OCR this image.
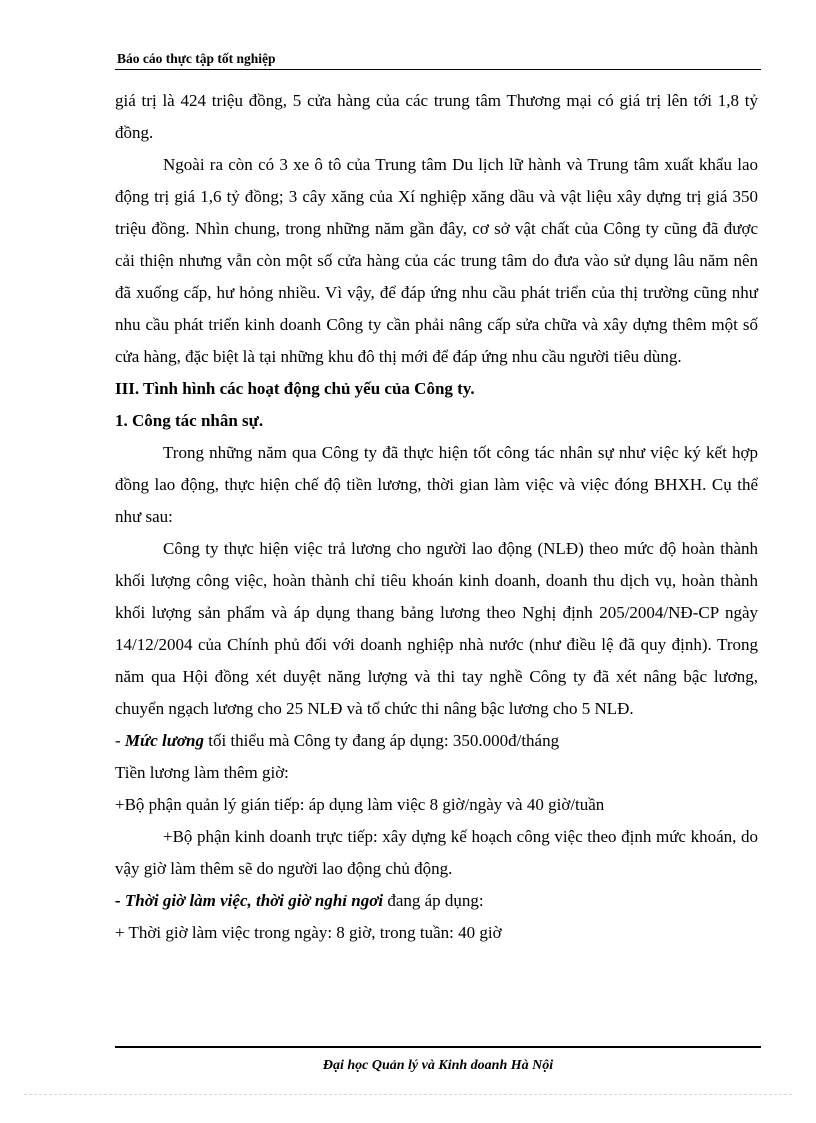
Báo cáo thực tập tốt nghiệp

giá trị là 424 triệu đồng, 5 cửa hàng của các trung tâm Thương mại có giá trị lên tới 1,8 tỷ đồng.

Ngoài ra còn có 3 xe ô tô của Trung tâm Du lịch lữ hành và Trung tâm xuất khẩu lao động trị giá 1,6 tỷ đồng; 3 cây xăng của Xí nghiệp xăng dầu và vật liệu xây dựng trị giá 350 triệu đồng. Nhìn chung, trong những năm gần đây, cơ sở vật chất của Công ty cũng đã được cải thiện nhưng vẫn còn một số cửa hàng của các trung tâm do đưa vào sử dụng lâu năm nên đã xuống cấp, hư hỏng nhiều. Vì vậy, để đáp ứng nhu cầu phát triển của thị trường cũng như nhu cầu phát triển kinh doanh Công ty cần phải nâng cấp sửa chữa và xây dựng thêm một số cửa hàng, đặc biệt là tại những khu đô thị mới để đáp ứng nhu cầu người tiêu dùng.

III. Tình hình các hoạt động chủ yếu của Công ty.

1. Công tác nhân sự.

Trong những năm qua Công ty đã thực hiện tốt công tác nhân sự như việc ký kết hợp đồng lao động, thực hiện chế độ tiền lương, thời gian làm việc và việc đóng BHXH. Cụ thể như sau:

Công ty thực hiện việc trả lương cho người lao động (NLĐ) theo mức độ hoàn thành khối lượng công việc, hoàn thành chỉ tiêu khoán kinh doanh, doanh thu dịch vụ, hoàn thành khối lượng sản phẩm và áp dụng thang bảng lương theo Nghị định 205/2004/NĐ-CP ngày 14/12/2004 của Chính phủ đối với doanh nghiệp nhà nước (như điều lệ đã quy định). Trong năm qua Hội đồng xét duyệt năng lượng và thi tay nghề Công ty đã xét nâng bậc lương, chuyển ngạch lương cho 25 NLĐ và tổ chức thi nâng bậc lương cho 5 NLĐ.

- Mức lương tối thiểu mà Công ty đang áp dụng: 350.000đ/tháng

Tiền lương làm thêm giờ:

+Bộ phận quản lý gián tiếp: áp dụng làm việc 8 giờ/ngày và 40 giờ/tuần

+Bộ phận kinh doanh trực tiếp: xây dựng kế hoạch công việc theo định mức khoán, do vậy giờ làm thêm sẽ do người lao động chủ động.

- Thời giờ làm việc, thời giờ nghỉ ngơi đang áp dụng:

+ Thời giờ làm việc trong ngày: 8 giờ, trong tuần: 40 giờ

Đại học Quản lý và Kinh doanh Hà Nội
